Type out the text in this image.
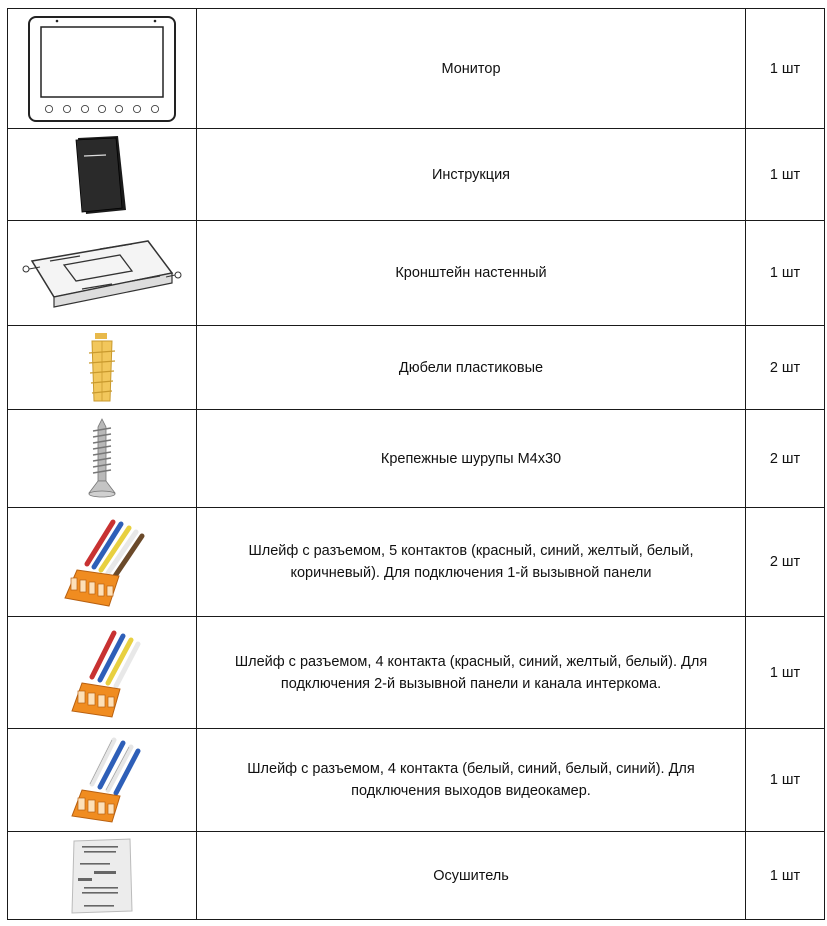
	Монитор	1 шт

	Инструкция	1 шт

	Кронштейн настенный	1 шт

	Дюбели пластиковые	2 шт

	Крепежные шурупы М4х30	2 шт

	Шлейф с разъемом, 5 контактов (красный, синий, желтый, белый, коричневый). Для подключения 1-й вызывной панели	2 шт

	Шлейф с разъемом, 4 контакта (красный, синий, желтый, белый). Для подключения 2-й вызывной панели и канала интеркома.	1 шт

	Шлейф с разъемом, 4 контакта (белый, синий, белый, синий). Для подключения выходов видеокамер.	1 шт

	Осушитель	1 шт
